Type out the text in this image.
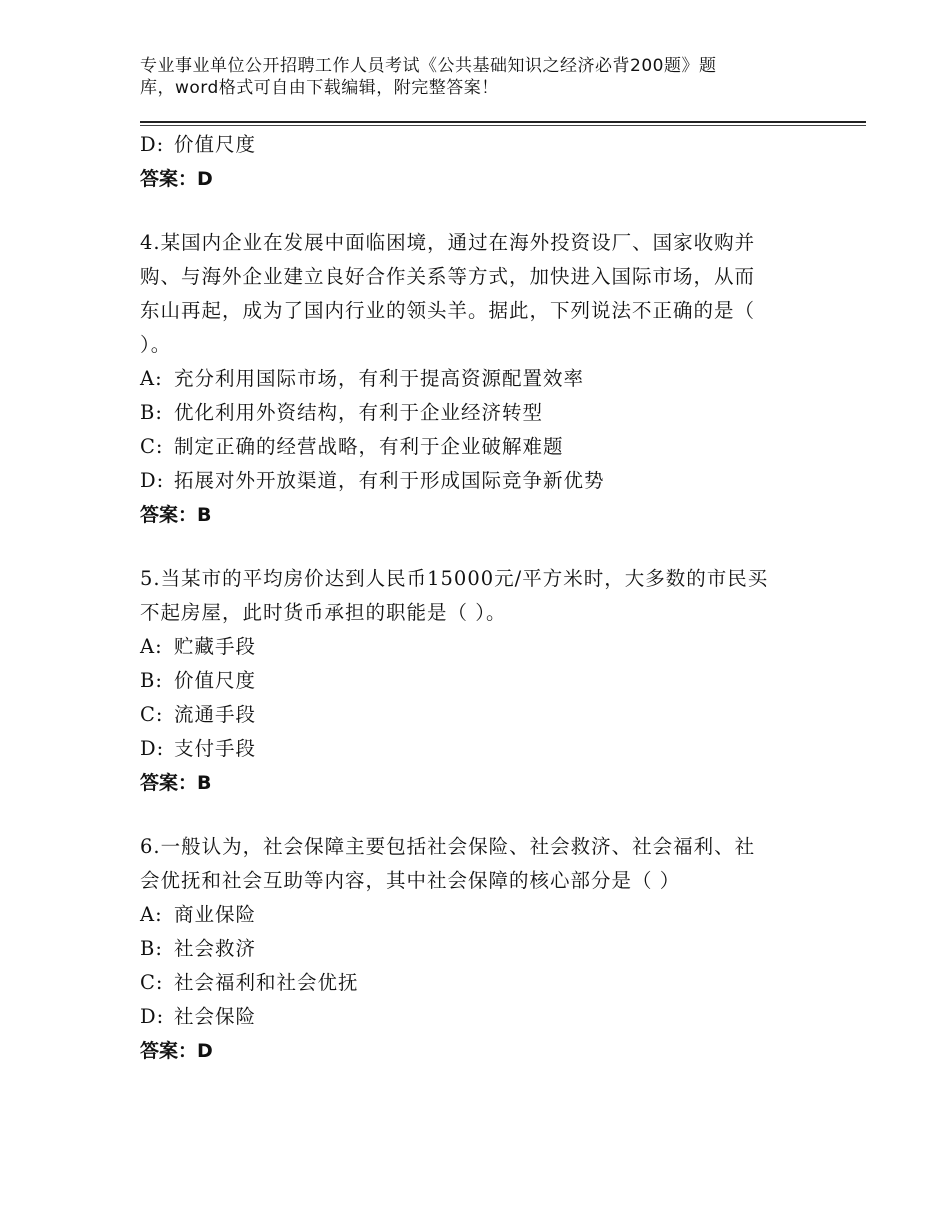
专业事业单位公开招聘工作人员考试《公共基础知识之经济必背200题》题
库，word格式可自由下载编辑，附完整答案！
D: 价值尺度
答案：D
4.某国内企业在发展中面临困境，通过在海外投资设厂、国家收购并
购、与海外企业建立良好合作关系等方式，加快进入国际市场，从而
东山再起，成为了国内行业的领头羊。据此，下列说法不正确的是（
）。
A: 充分利用国际市场，有利于提高资源配置效率
B: 优化利用外资结构，有利于企业经济转型
C: 制定正确的经营战略，有利于企业破解难题
D: 拓展对外开放渠道，有利于形成国际竞争新优势
答案：B
5.当某市的平均房价达到人民币15000元/平方米时，大多数的市民买
不起房屋，此时货币承担的职能是（ ）。
A: 贮藏手段
B: 价值尺度
C: 流通手段
D: 支付手段
答案：B
6.一般认为，社会保障主要包括社会保险、社会救济、社会福利、社
会优抚和社会互助等内容，其中社会保障的核心部分是（ ）
A: 商业保险
B: 社会救济
C: 社会福利和社会优抚
D: 社会保险
答案：D
